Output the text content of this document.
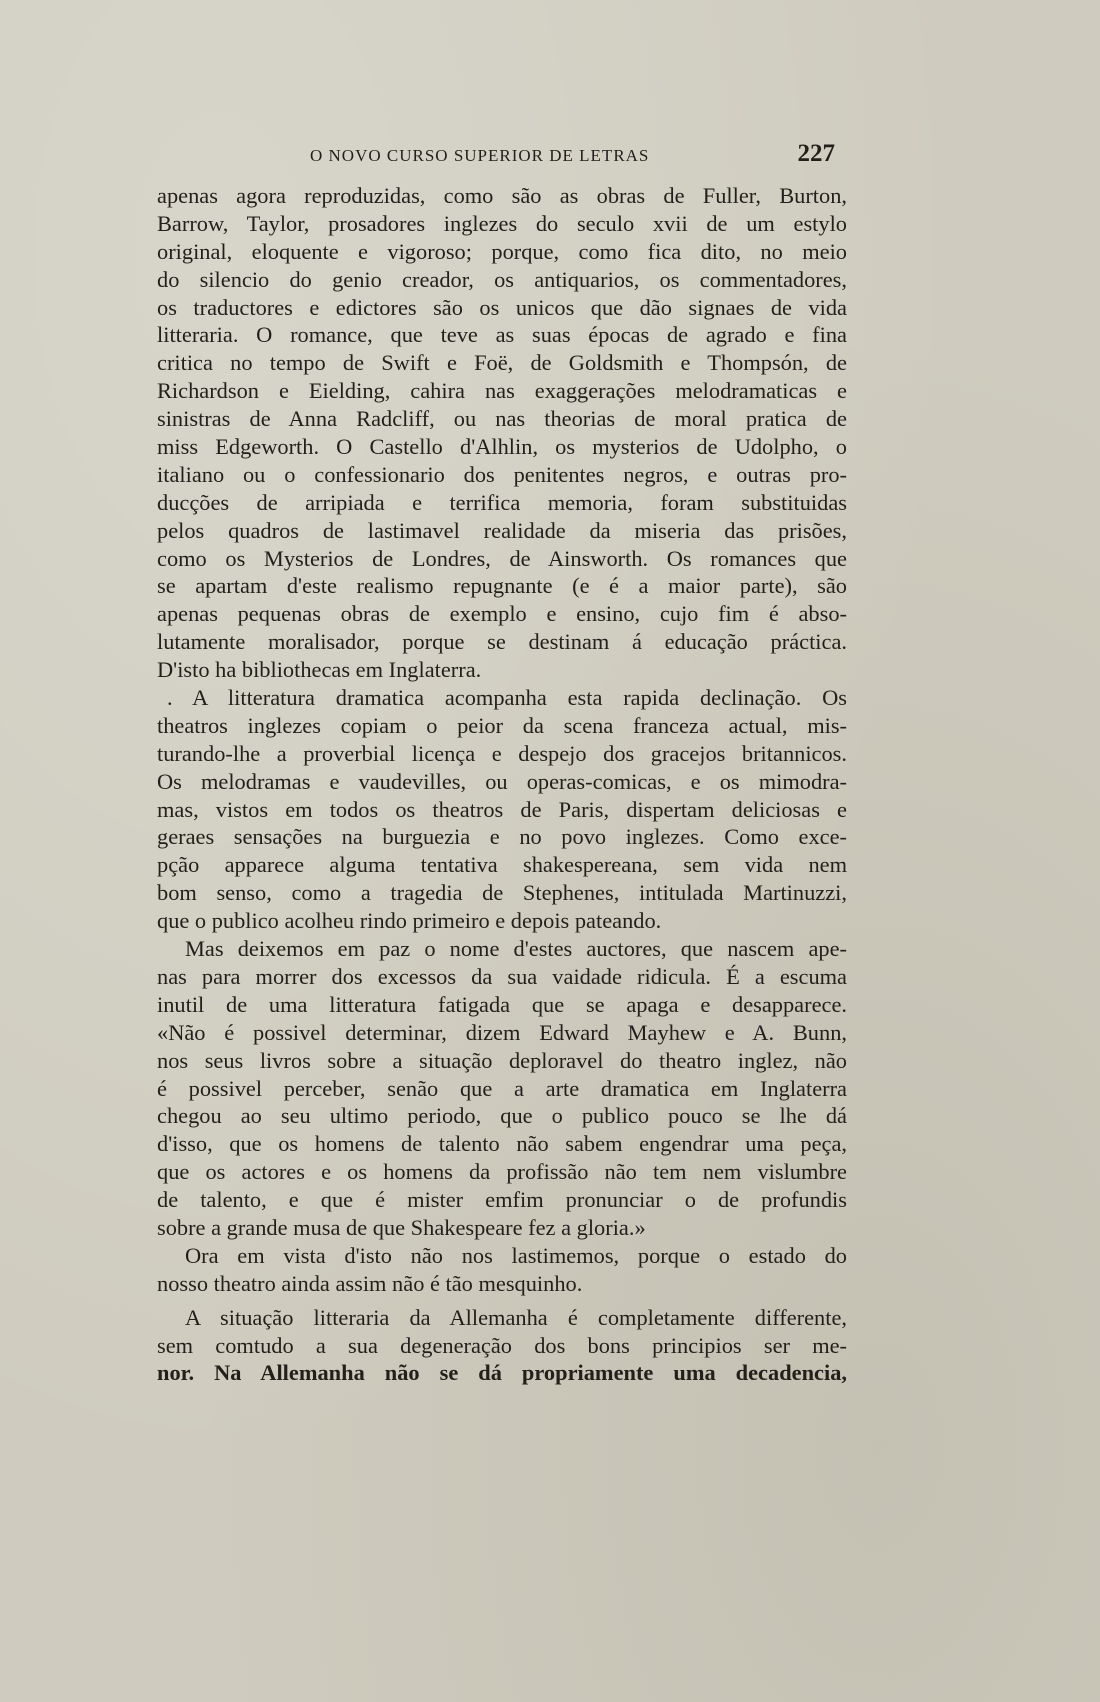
O NOVO CURSO SUPERIOR DE LETRAS	227
apenas agora reproduzidas, como são as obras de Fuller, Burton,
Barrow, Taylor, prosadores inglezes do seculo xvii de um estylo
original, eloquente e vigoroso; porque, como fica dito, no meio
do silencio do genio creador, os antiquarios, os commentadores,
os traductores e edictores são os unicos que dão signaes de vida
litteraria. O romance, que teve as suas épocas de agrado e fina
critica no tempo de Swift e Foë, de Goldsmith e Thompsón, de
Richardson e Eielding, cahira nas exaggerações melodramaticas e
sinistras de Anna Radcliff, ou nas theorias de moral pratica de
miss Edgeworth. O Castello d'Alhlin, os mysterios de Udolpho, o
italiano ou o confessionario dos penitentes negros, e outras pro-
ducções de arripiada e terrifica memoria, foram substituidas
pelos quadros de lastimavel realidade da miseria das prisões,
como os Mysterios de Londres, de Ainsworth. Os romances que
se apartam d'este realismo repugnante (e é a maior parte), são
apenas pequenas obras de exemplo e ensino, cujo fim é abso-
lutamente moralisador, porque se destinam á educação práctica.
D'isto ha bibliothecas em Inglaterra.
. A litteratura dramatica acompanha esta rapida declinação. Os
theatros inglezes copiam o peior da scena franceza actual, mis-
turando-lhe a proverbial licença e despejo dos gracejos britannicos.
Os melodramas e vaudevilles, ou operas-comicas, e os mimodra-
mas, vistos em todos os theatros de Paris, dispertam deliciosas e
geraes sensações na burguezia e no povo inglezes. Como exce-
pção apparece alguma tentativa shakespereana, sem vida nem
bom senso, como a tragedia de Stephenes, intitulada Martinuzzi,
que o publico acolheu rindo primeiro e depois pateando.
Mas deixemos em paz o nome d'estes auctores, que nascem ape-
nas para morrer dos excessos da sua vaidade ridicula. É a escuma
inutil de uma litteratura fatigada que se apaga e desapparece.
«Não é possivel determinar, dizem Edward Mayhew e A. Bunn,
nos seus livros sobre a situação deploravel do theatro inglez, não
é possivel perceber, senão que a arte dramatica em Inglaterra
chegou ao seu ultimo periodo, que o publico pouco se lhe dá
d'isso, que os homens de talento não sabem engendrar uma peça,
que os actores e os homens da profissão não tem nem vislumbre
de talento, e que é mister emfim pronunciar o de profundis
sobre a grande musa de que Shakespeare fez a gloria.»
Ora em vista d'isto não nos lastimemos, porque o estado do
nosso theatro ainda assim não é tão mesquinho.
A situação litteraria da Allemanha é completamente differente,
sem comtudo a sua degeneração dos bons principios ser me-
nor. Na Allemanha não se dá propriamente uma decadencia,
